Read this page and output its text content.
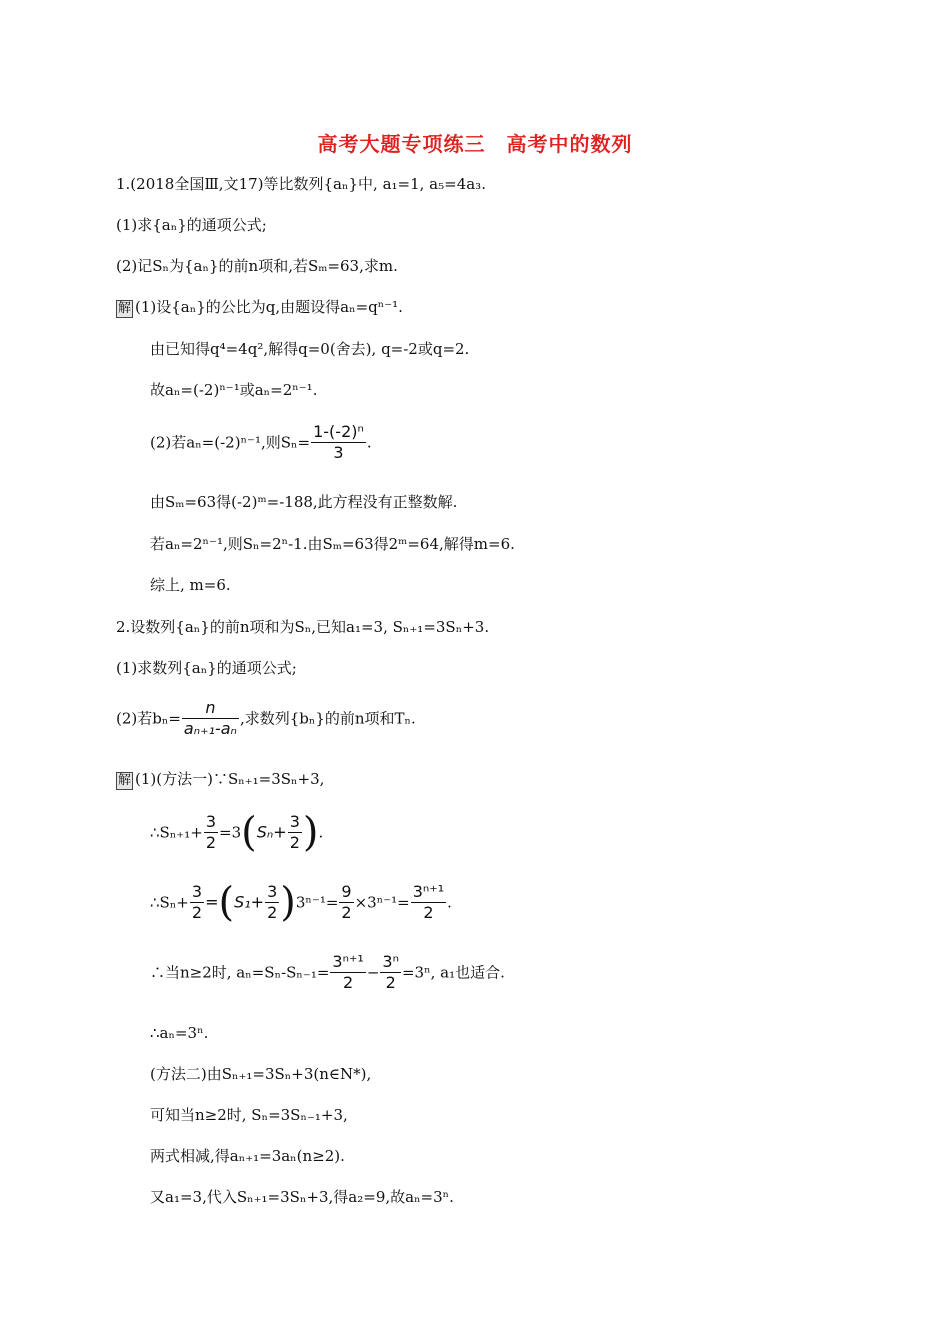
高考大题专项练三　高考中的数列
1.(2018全国Ⅲ,文17)等比数列{aₙ}中, a₁=1, a₅=4a₃.
(1)求{aₙ}的通项公式;
(2)记Sₙ为{aₙ}的前n项和,若Sₘ=63,求m.
解 (1)设{aₙ}的公比为q,由题设得aₙ=qⁿ⁻¹.
由已知得q⁴=4q²,解得q=0(舍去), q=-2或q=2.
故aₙ=(-2)ⁿ⁻¹或aₙ=2ⁿ⁻¹.
(2)若aₙ=(-2)ⁿ⁻¹,则$S_n= \frac{\text{1-(-2)ⁿ}}{3}$ .
由Sₘ=63得(-2)ᵐ=-188,此方程没有正整数解.
若aₙ=2ⁿ⁻¹,则Sₙ=2ⁿ-1.由Sₘ=63得2ᵐ=64,解得m=6.
综上, m=6.
2.设数列{aₙ}的前n项和为Sₙ,已知a₁=3, Sₙ₊₁=3Sₙ+3.
(1)求数列{aₙ}的通项公式;
(2)若$b_n= \frac{n}{\text{aₙ₊₁-aₙ}}$ ,求数列{bₙ}的前n项和Tₙ.
解 (1)(方法一)∵Sₙ₊₁=3Sₙ+3,
∴Sₙ₊₁+ $\frac{3}{2} =3(S_n+ \frac{3}{2}$ ).
∴Sₙ+ $\frac{3}{2} =(S_1+ \frac{3}{2} )3^{n-1}= \frac{9}{2} \times 3^{n-1}= \frac{\text{3ⁿ⁺¹}}{2}$ .
∴当n≥2时, $a_n=S_n-S_{n-1}= \frac{\text{3ⁿ⁺¹}}{2} - \frac{\text{3ⁿ}}{2} =3^n$, a₁也适合.
∴aₙ=3ⁿ.
(方法二)由Sₙ₊₁=3Sₙ+3(n∈N*),
可知当n≥2时, Sₙ=3Sₙ₋₁+3,
两式相减,得aₙ₊₁=3aₙ(n≥2).
又a₁=3,代入Sₙ₊₁=3Sₙ+3,得a₂=9,故aₙ=3ⁿ.
